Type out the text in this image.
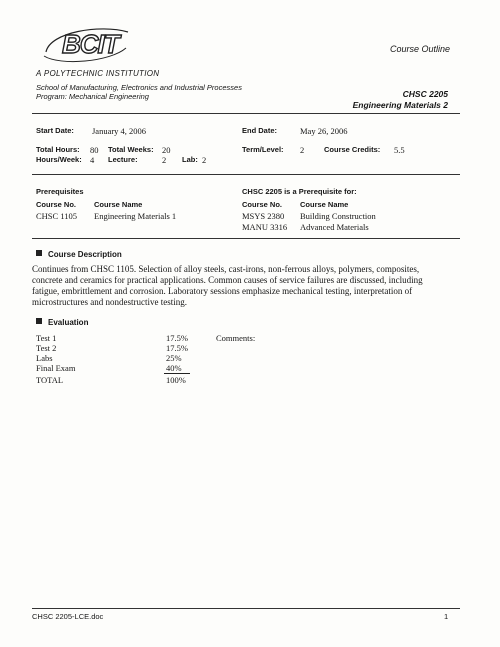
BCIT
A POLYTECHNIC INSTITUTION
Course Outline
School of Manufacturing, Electronics and Industrial Processes
Program: Mechanical Engineering	CHSC 2205
Engineering Materials 2
Start Date: January 4, 2006	End Date:	May 26, 2006
Total Hours: 80 Total Weeks: 20	Term/Level: 2	Course Credits: 5.5
Hours/Week: 4 Lecture:	2 Lab: 2
Prerequisites
Course No. Course Name
CHSC 1105 Engineering Materials 1
CHSC 2205 is a Prerequisite for:
Course No. Course Name
MSYS 2380 Building Construction
MANU 3316 Advanced Materials
Course Description
Continues from CHSC 1105. Selection of alloy steels, cast-irons, non-ferrous alloys, polymers, composites, concrete and ceramics for practical applications. Common causes of service failures are discussed, including fatigue, embrittlement and corrosion. Laboratory sessions emphasize mechanical testing, interpretation of microstructures and nondestructive testing.
Evaluation
Test 1	17.5%	Comments:
Test 2	17.5%
Labs	25%
Final Exam	40%
TOTAL	100%
CHSC 2205-LCE.doc	1
